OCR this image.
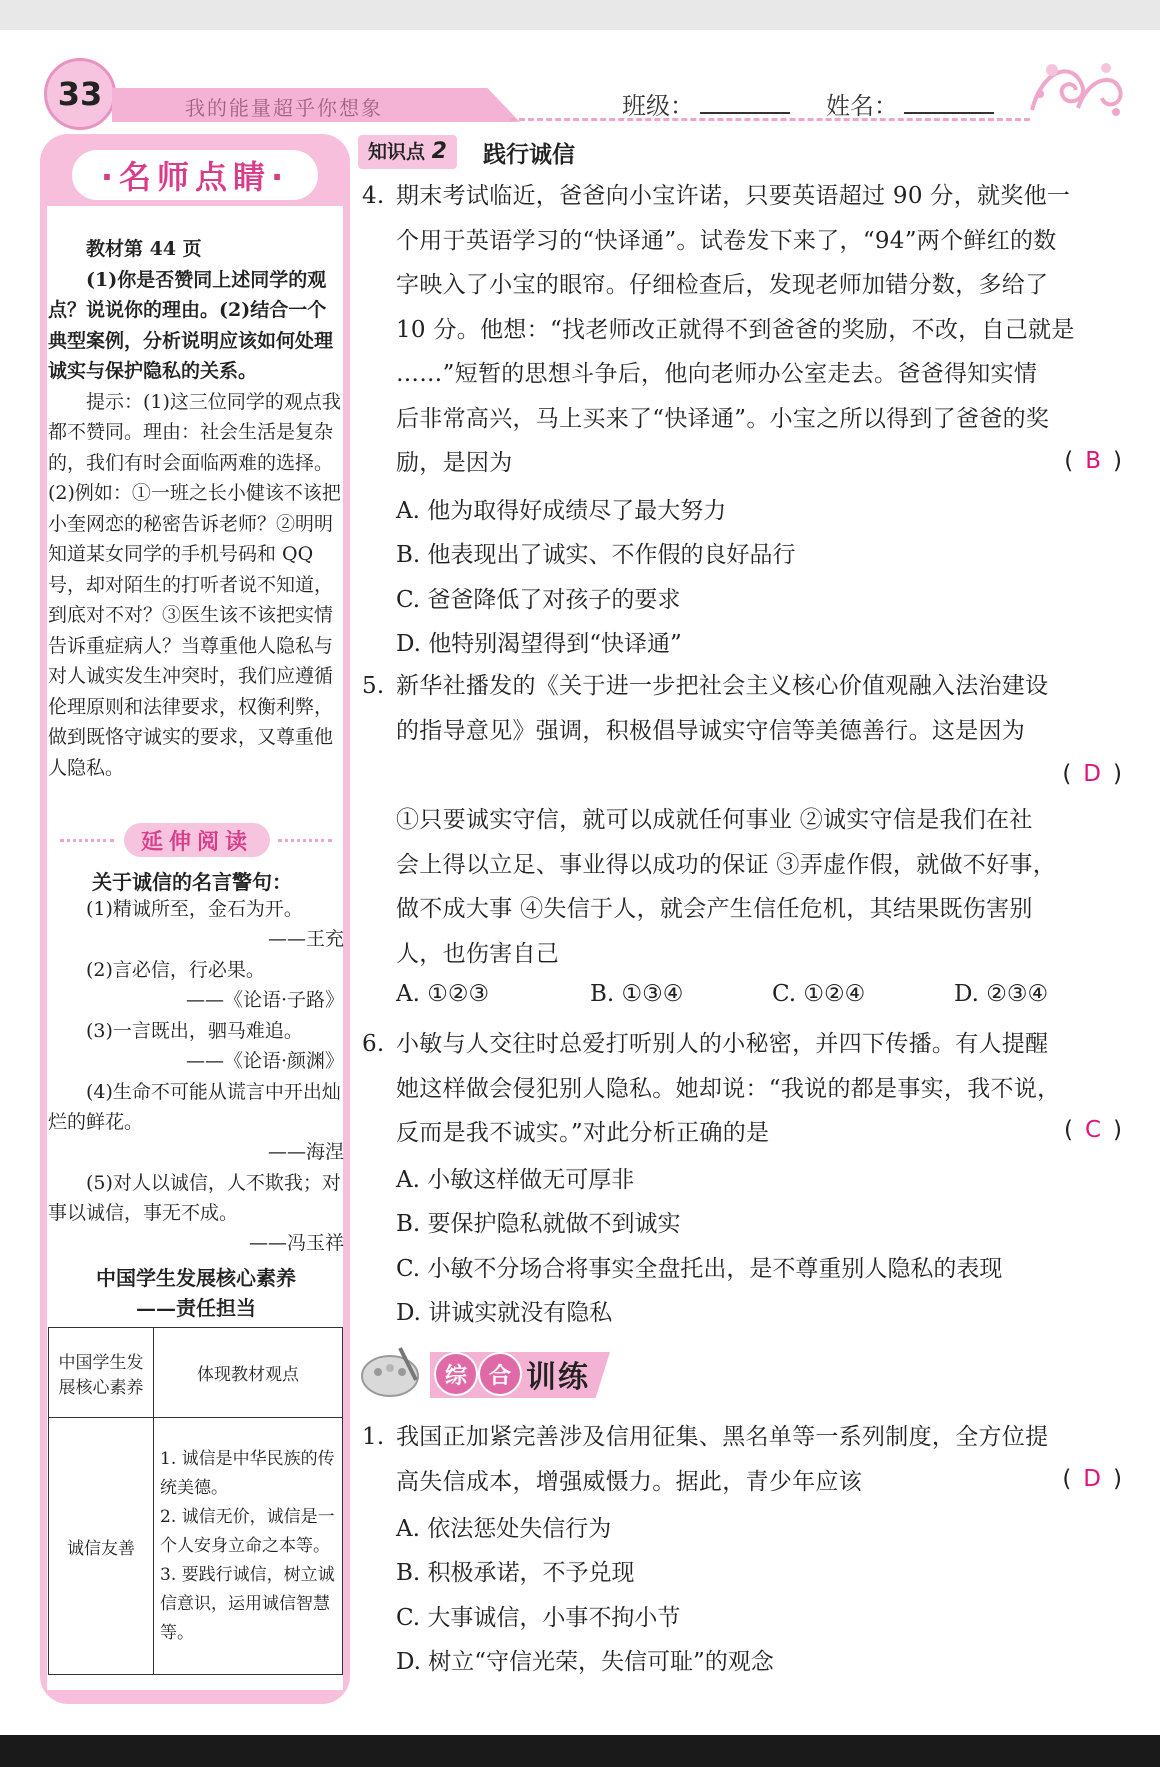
33	我的能量超乎你想象	班级：	姓名：
·名师点睛·

教材第 44 页

(1)你是否赞同上述同学的观点？说说你的理由。(2)结合一个典型案例，分析说明应该如何处理诚实与保护隐私的关系。

提示：(1)这三位同学的观点我都不赞同。理由：社会生活是复杂的，我们有时会面临两难的选择。(2)例如：①一班之长小健该不该把小奎网恋的秘密告诉老师？②明明知道某女同学的手机号码和 QQ 号，却对陌生的打听者说不知道，到底对不对？③医生该不该把实情告诉重症病人？当尊重他人隐私与对人诚实发生冲突时，我们应遵循伦理原则和法律要求，权衡利弊，做到既恪守诚实的要求，又尊重他人隐私。

延伸阅读
关于诚信的名言警句：
(1)精诚所至，金石为开。
——王充
(2)言必信，行必果。
——《论语·子路》
(3)一言既出，驷马难追。
——《论语·颜渊》
(4)生命不可能从谎言中开出灿烂的鲜花。
——海涅
(5)对人以诚信，人不欺我；对事以诚信，事无不成。
——冯玉祥
中国学生发展核心素养
——责任担当
中国学生发展核心素养	体现教材观点
诚信友善	1. 诚信是中华民族的传统美德。
2. 诚信无价，诚信是一个人安身立命之本等。
3. 要践行诚信，树立诚信意识，运用诚信智慧等。
知识点 2	践行诚信
4. 期末考试临近，爸爸向小宝许诺，只要英语超过 90 分，就奖他一
个用于英语学习的“快译通”。试卷发下来了，“94”两个鲜红的数
字映入了小宝的眼帘。仔细检查后，发现老师加错分数，多给了
10 分。他想：“找老师改正就得不到爸爸的奖励，不改，自己就是
……”短暂的思想斗争后，他向老师办公室走去。爸爸得知实情
后非常高兴，马上买来了“快译通”。小宝之所以得到了爸爸的奖
励，是因为	( B )
A. 他为取得好成绩尽了最大努力
B. 他表现出了诚实、不作假的良好品行
C. 爸爸降低了对孩子的要求
D. 他特别渴望得到“快译通”
5. 新华社播发的《关于进一步把社会主义核心价值观融入法治建设
的指导意见》强调，积极倡导诚实守信等美德善行。这是因为
( D )
①只要诚实守信，就可以成就任何事业 ②诚实守信是我们在社
会上得以立足、事业得以成功的保证 ③弄虚作假，就做不好事，
做不成大事 ④失信于人，就会产生信任危机，其结果既伤害别
人，也伤害自己
A. ①②③	B. ①③④	C. ①②④	D. ②③④
6. 小敏与人交往时总爱打听别人的小秘密，并四下传播。有人提醒
她这样做会侵犯别人隐私。她却说：“我说的都是事实，我不说，
反而是我不诚实。”对此分析正确的是	( C )
A. 小敏这样做无可厚非
B. 要保护隐私就做不到诚实
C. 小敏不分场合将事实全盘托出，是不尊重别人隐私的表现
D. 讲诚实就没有隐私
综 合 训练
1. 我国正加紧完善涉及信用征集、黑名单等一系列制度，全方位提
高失信成本，增强威慑力。据此，青少年应该	( D )
A. 依法惩处失信行为
B. 积极承诺，不予兑现
C. 大事诚信，小事不拘小节
D. 树立“守信光荣，失信可耻”的观念
